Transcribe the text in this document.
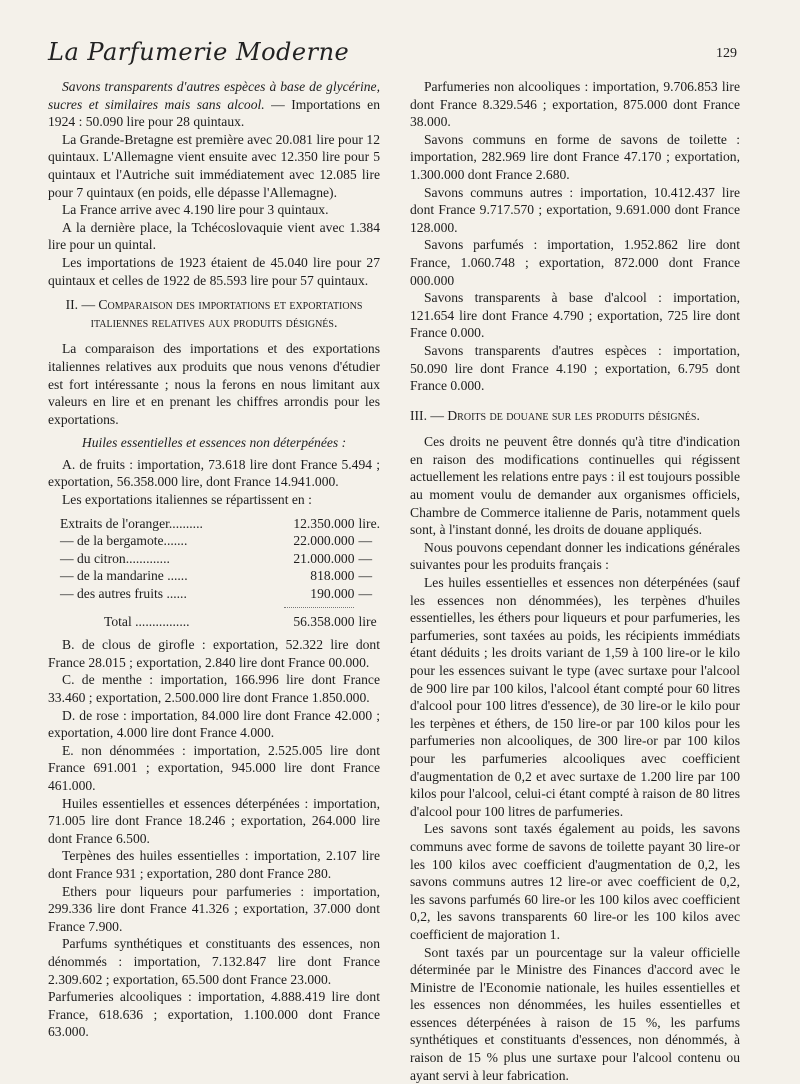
La Parfumerie Moderne	129

Savons transparents d'autres espèces à base de glycérine, sucres et similaires mais sans alcool. — Importations en 1924 : 50.090 lire pour 28 quintaux.

La Grande-Bretagne est première avec 20.081 lire pour 12 quintaux. L'Allemagne vient ensuite avec 12.350 lire pour 5 quintaux et l'Autriche suit immédiatement avec 12.085 lire pour 7 quintaux (en poids, elle dépasse l'Allemagne).

La France arrive avec 4.190 lire pour 3 quintaux.

A la dernière place, la Tchécoslovaquie vient avec 1.384 lire pour un quintal.

Les importations de 1923 étaient de 45.040 lire pour 27 quintaux et celles de 1922 de 85.593 lire pour 57 quintaux.

II. — Comparaison des importations et exportations italiennes relatives aux produits désignés.

La comparaison des importations et des exportations italiennes relatives aux produits que nous venons d'étudier est fort intéressante ; nous la ferons en nous limitant aux valeurs en lire et en prenant les chiffres arrondis pour les exportations.

Huiles essentielles et essences non déterpénées :

A. de fruits : importation, 73.618 lire dont France 5.494 ; exportation, 56.358.000 lire, dont France 14.941.000.

Les exportations italiennes se répartissent en :

Extraits de l'oranger..........	12.350.000	lire.
— de la bergamote.......	22.000.000	—
— du citron.............	21.000.000	—
— de la mandarine ......	818.000	—
— des autres fruits ......	190.000	—

Total ................	56.358.000	lire

B. de clous de girofle : exportation, 52.322 lire dont France 28.015 ; exportation, 2.840 lire dont France 00.000.

C. de menthe : importation, 166.996 lire dont France 33.460 ; exportation, 2.500.000 lire dont France 1.850.000.

D. de rose : importation, 84.000 lire dont France 42.000 ; exportation, 4.000 lire dont France 4.000.

E. non dénommées : importation, 2.525.005 lire dont France 691.001 ; exportation, 945.000 lire dont France 461.000.

Huiles essentielles et essences déterpénées : importation, 71.005 lire dont France 18.246 ; exportation, 264.000 lire dont France 6.500.

Terpènes des huiles essentielles : importation, 2.107 lire dont France 931 ; exportation, 280 dont France 280.

Ethers pour liqueurs pour parfumeries : importation, 299.336 lire dont France 41.326 ; exportation, 37.000 dont France 7.900.

Parfums synthétiques et constituants des essences, non dénommés : importation, 7.132.847 lire dont France 2.309.602 ; exportation, 65.500 dont France 23.000.

Parfumeries alcooliques : importation, 4.888.419 lire dont France, 618.636 ; exportation, 1.100.000 dont France 63.000.

Parfumeries non alcooliques : importation, 9.706.853 lire dont France 8.329.546 ; exportation, 875.000 dont France 38.000.

Savons communs en forme de savons de toilette : importation, 282.969 lire dont France 47.170 ; exportation, 1.300.000 dont France 2.680.

Savons communs autres : importation, 10.412.437 lire dont France 9.717.570 ; exportation, 9.691.000 dont France 128.000.

Savons parfumés : importation, 1.952.862 lire dont France, 1.060.748 ; exportation, 872.000 dont France 000.000

Savons transparents à base d'alcool : importation, 121.654 lire dont France 4.790 ; exportation, 725 lire dont France 0.000.

Savons transparents d'autres espèces : importation, 50.090 lire dont France 4.190 ; exportation, 6.795 dont France 0.000.

III. — Droits de douane sur les produits désignés.

Ces droits ne peuvent être donnés qu'à titre d'indication en raison des modifications continuelles qui régissent actuellement les relations entre pays : il est toujours possible au moment voulu de demander aux organismes officiels, Chambre de Commerce italienne de Paris, notamment quels sont, à l'instant donné, les droits de douane appliqués.

Nous pouvons cependant donner les indications générales suivantes pour les produits français :

Les huiles essentielles et essences non déterpénées (sauf les essences non dénommées), les terpènes d'huiles essentielles, les éthers pour liqueurs et pour parfumeries, les parfumeries, sont taxées au poids, les récipients immédiats étant déduits ; les droits variant de 1,59 à 100 lire-or le kilo pour les essences suivant le type (avec surtaxe pour l'alcool de 900 lire par 100 kilos, l'alcool étant compté pour 60 litres d'alcool pour 100 litres d'essence), de 30 lire-or le kilo pour les terpènes et éthers, de 150 lire-or par 100 kilos pour les parfumeries non alcooliques, de 300 lire-or par 100 kilos pour les parfumeries alcooliques avec coefficient d'augmentation de 0,2 et avec surtaxe de 1.200 lire par 100 kilos pour l'alcool, celui-ci étant compté à raison de 80 litres d'alcool pour 100 litres de parfumeries.

Les savons sont taxés également au poids, les savons communs avec forme de savons de toilette payant 30 lire-or les 100 kilos avec coefficient d'augmentation de 0,2, les savons communs autres 12 lire-or avec coefficient de 0,2, les savons parfumés 60 lire-or les 100 kilos avec coefficient 0,2, les savons transparents 60 lire-or les 100 kilos avec coefficient de majoration 1.

Sont taxés par un pourcentage sur la valeur officielle déterminée par le Ministre des Finances d'accord avec le Ministre de l'Economie nationale, les huiles essentielles et les essences non dénommées, les huiles essentielles et essences déterpénées à raison de 15 %, les parfums synthétiques et constituants d'essences, non dénommés, à raison de 15 % plus une surtaxe pour l'alcool contenu ou ayant servi à leur fabrication.
